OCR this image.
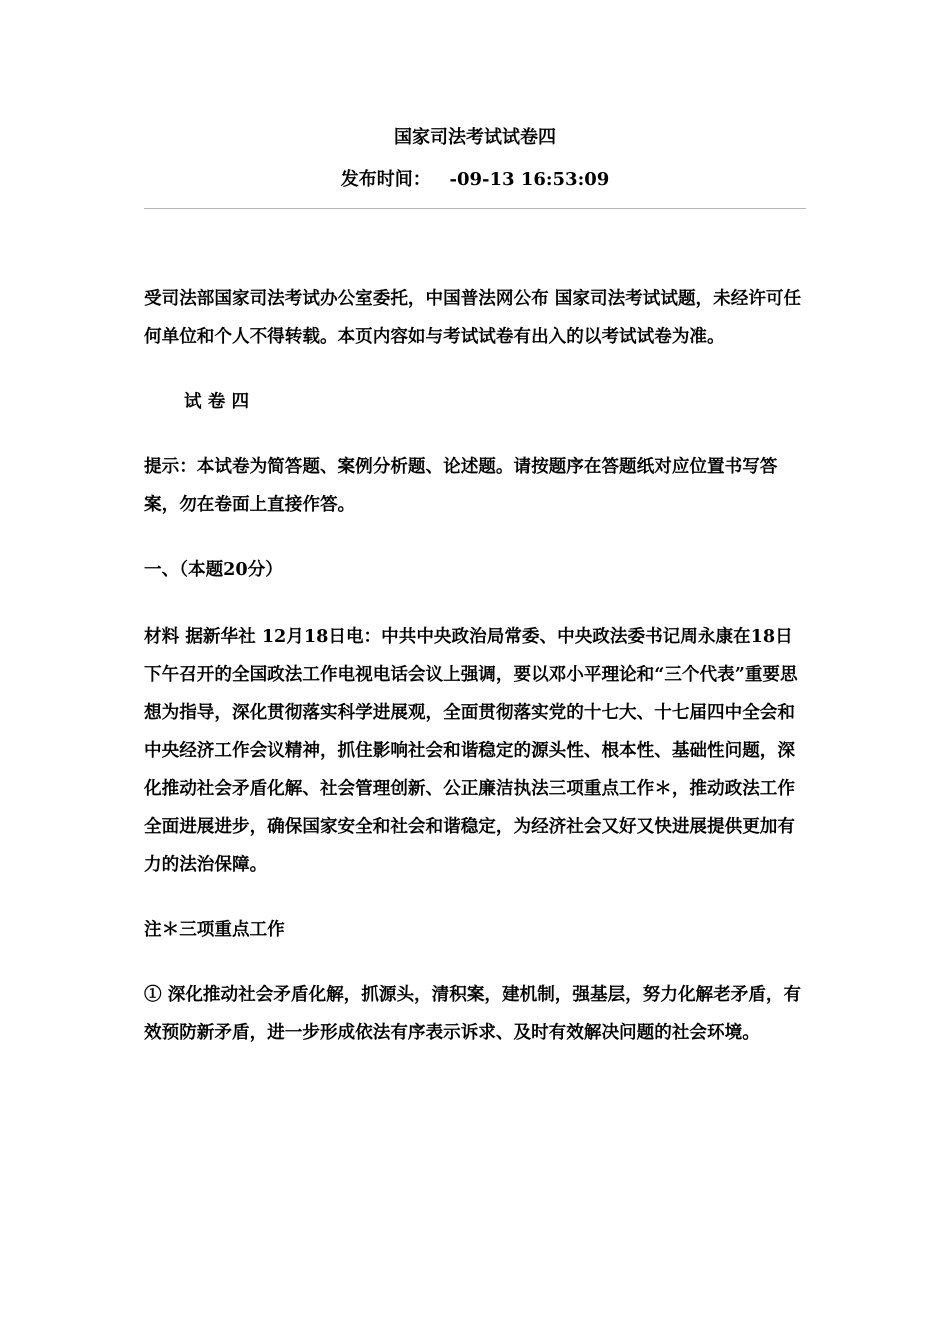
国家司法考试试卷四
发布时间：   -09-13 16:53:09

受司法部国家司法考试办公室委托，中国普法网公布 国家司法考试试题，未经许可任何单位和个人不得转载。本页内容如与考试试卷有出入的以考试试卷为准。

试 卷 四

提示：本试卷为简答题、案例分析题、论述题。请按题序在答题纸对应位置书写答案，勿在卷面上直接作答。

一、（本题20分）

材料 据新华社 12月18日电：中共中央政治局常委、中央政法委书记周永康在18日下午召开的全国政法工作电视电话会议上强调，要以邓小平理论和“三个代表”重要思想为指导，深化贯彻落实科学进展观，全面贯彻落实党的十七大、十七届四中全会和中央经济工作会议精神，抓住影响社会和谐稳定的源头性、根本性、基础性问题，深化推动社会矛盾化解、社会管理创新、公正廉洁执法三项重点工作＊，推动政法工作全面进展进步，确保国家安全和社会和谐稳定，为经济社会又好又快进展提供更加有力的法治保障。

注＊三项重点工作

① 深化推动社会矛盾化解，抓源头，清积案，建机制，强基层，努力化解老矛盾，有效预防新矛盾，进一步形成依法有序表示诉求、及时有效解决问题的社会环境。
